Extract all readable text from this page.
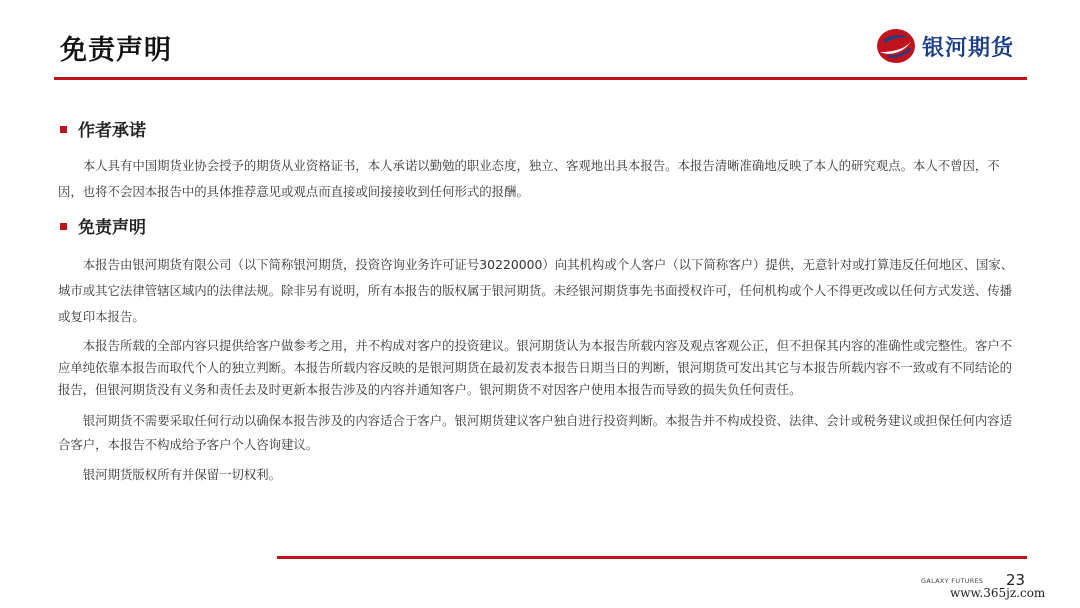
免责声明	银河期货
作者承诺

本人具有中国期货业协会授予的期货从业资格证书，本人承诺以勤勉的职业态度，独立、客观地出具本报告。本报告清晰准确地反映了本人的研究观点。本人不曾因，不因，也将不会因本报告中的具体推荐意见或观点而直接或间接接收到任何形式的报酬。

免责声明

本报告由银河期货有限公司（以下简称银河期货，投资咨询业务许可证号30220000）向其机构或个人客户（以下简称客户）提供，无意针对或打算违反任何地区、国家、城市或其它法律管辖区域内的法律法规。除非另有说明，所有本报告的版权属于银河期货。未经银河期货事先书面授权许可，任何机构或个人不得更改或以任何方式发送、传播或复印本报告。

本报告所载的全部内容只提供给客户做参考之用，并不构成对客户的投资建议。银河期货认为本报告所载内容及观点客观公正，但不担保其内容的准确性或完整性。客户不应单纯依靠本报告而取代个人的独立判断。本报告所载内容反映的是银河期货在最初发表本报告日期当日的判断，银河期货可发出其它与本报告所载内容不一致或有不同结论的报告，但银河期货没有义务和责任去及时更新本报告涉及的内容并通知客户。银河期货不对因客户使用本报告而导致的损失负任何责任。

银河期货不需要采取任何行动以确保本报告涉及的内容适合于客户。银河期货建议客户独自进行投资判断。本报告并不构成投资、法律、会计或税务建议或担保任何内容适合客户，本报告不构成给予客户个人咨询建议。

银河期货版权所有并保留一切权利。

GALAXY FUTURES 23
www.365jz.com
